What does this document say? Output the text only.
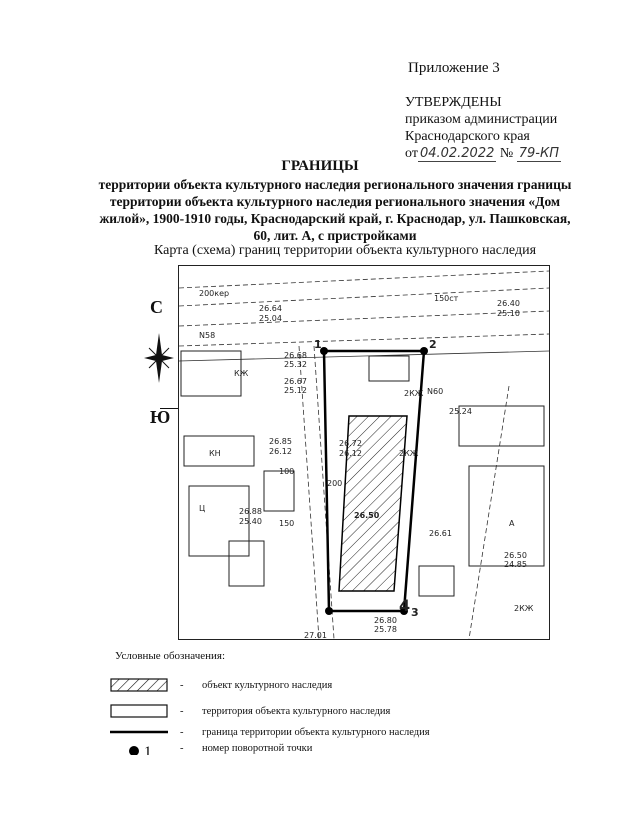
Приложение 3
УТВЕРЖДЕНЫ
приказом администрации
Краснодарского края
от 04.02.2022 № 79-КП
ГРАНИЦЫ
территории объекта культурного наследия регионального значения границы территории объекта культурного наследия регионального значения «Дом жилой», 1900-1910 годы, Краснодарский край, г. Краснодар, ул. Пашковская, 60, лит. А, с пристройками
Карта (схема) границ территории объекта культурного наследия
С
Ю
26.64
25.04
26.68
25.32
26.67
25.12
26.85
26.12
26.72
26.12
26.88
25.40
26.50
26.61
26.50
24.85
26.80
25.78
27.01
26.40
25.10
25.24
100
150
200
КЖ
2КЖ
2КЖ
КН
Ц
А
N58
N60
2КЖ
4
1	2
3
200кер
150ст
Условные обозначения:
-	объект культурного наследия
-	территория объекта культурного наследия
-	граница территории объекта культурного наследия
1	-	номер поворотной точки
